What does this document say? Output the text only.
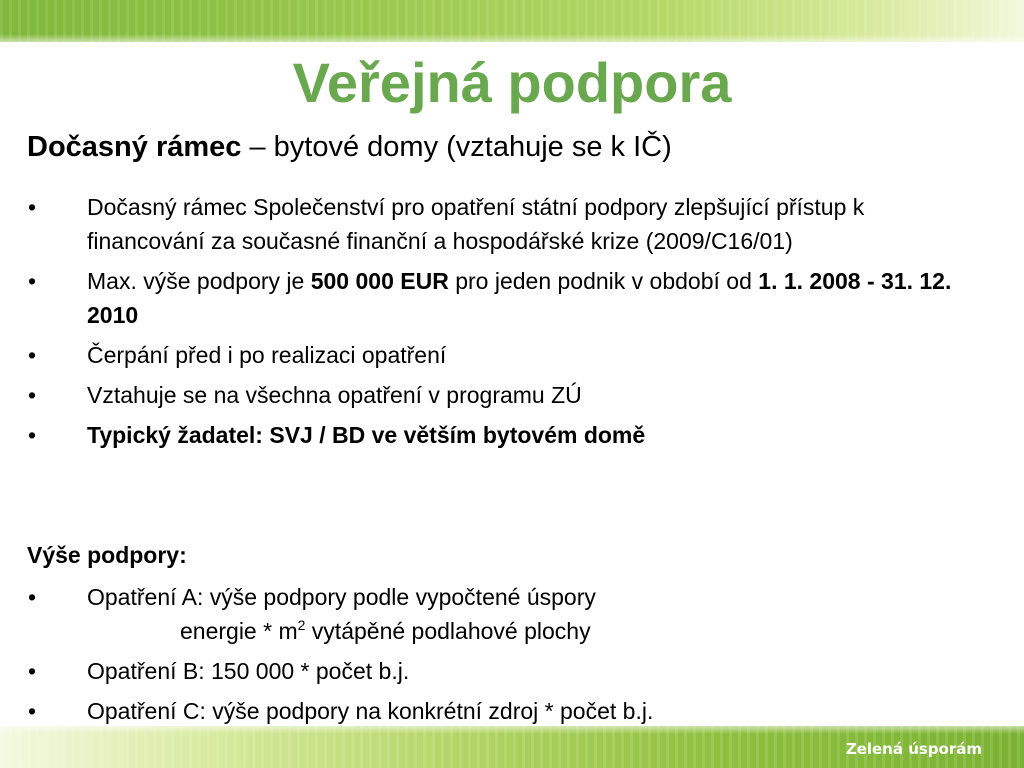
Veřejná podpora
Dočasný rámec – bytové domy (vztahuje se k IČ)
• Dočasný rámec Společenství pro opatření státní podpory zlepšující přístup k financování za současné finanční a hospodářské krize (2009/C16/01)
• Max. výše podpory je 500 000 EUR pro jeden podnik v období od 1. 1. 2008 - 31. 12. 2010
• Čerpání před i po realizaci opatření
• Vztahuje se na všechna opatření v programu ZÚ
• Typický žadatel: SVJ / BD ve větším bytovém domě
Výše podpory:
• Opatření A: výše podpory podle vypočtené úspory
energie * $m^2$ vytápěné podlahové plochy
• Opatření B: 150 000 * počet b.j.
• Opatření C: výše podpory na konkrétní zdroj * počet b.j.
Zelená úsporám
